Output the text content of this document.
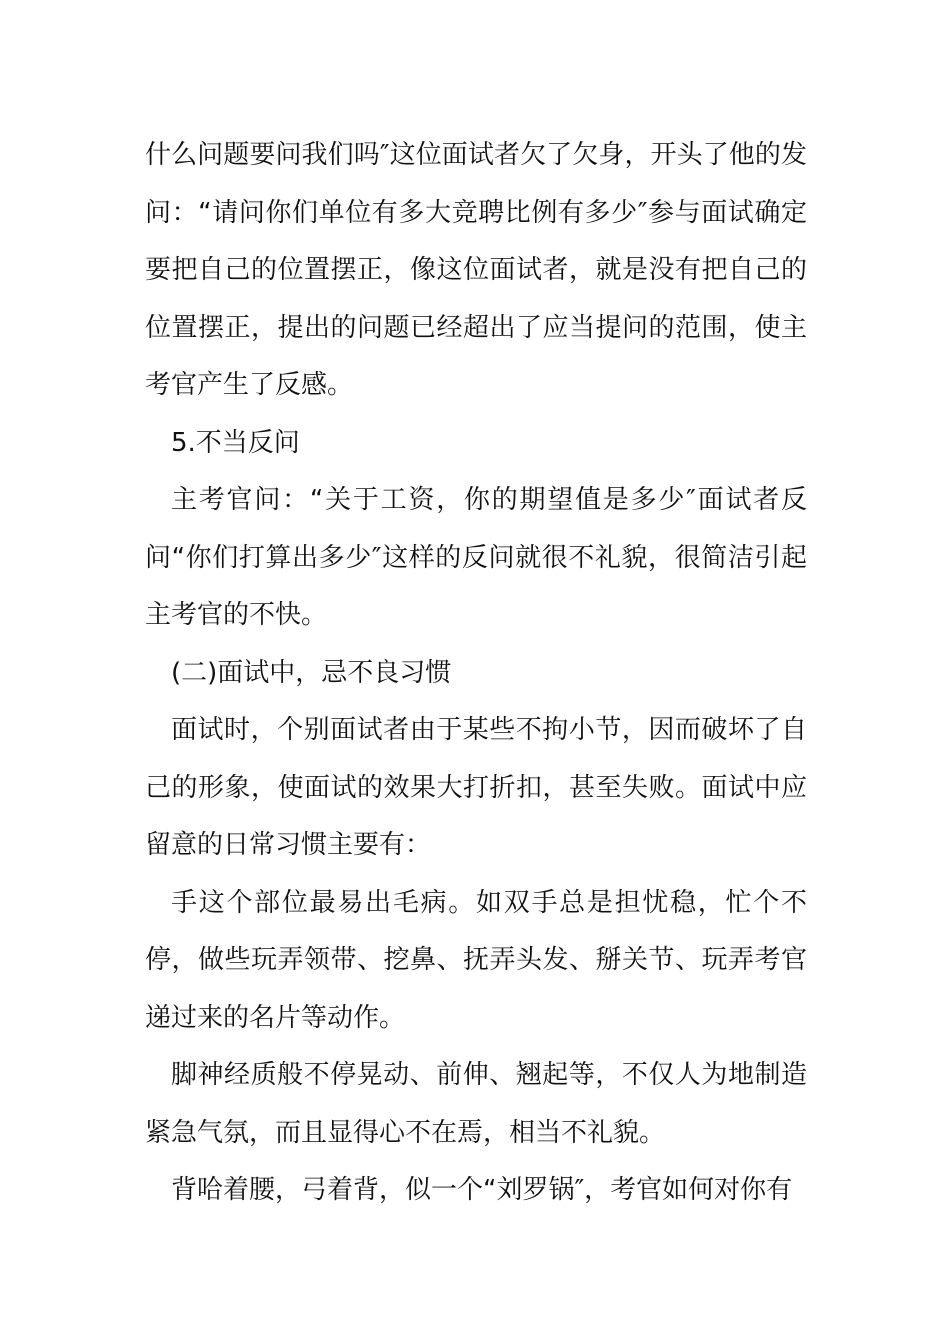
什么问题要问我们吗″这位面试者欠了欠身，开头了他的发问：“请问你们单位有多大竞聘比例有多少″参与面试确定要把自己的位置摆正，像这位面试者，就是没有把自己的位置摆正，提出的问题已经超出了应当提问的范围，使主考官产生了反感。

5.不当反问

主考官问：“关于工资，你的期望值是多少″面试者反问“你们打算出多少″这样的反问就很不礼貌，很简洁引起主考官的不快。

(二)面试中，忌不良习惯

面试时，个别面试者由于某些不拘小节，因而破坏了自己的形象，使面试的效果大打折扣，甚至失败。面试中应留意的日常习惯主要有：

手这个部位最易出毛病。如双手总是担忧稳，忙个不停，做些玩弄领带、挖鼻、抚弄头发、掰关节、玩弄考官递过来的名片等动作。

脚神经质般不停晃动、前伸、翘起等，不仅人为地制造紧急气氛，而且显得心不在焉，相当不礼貌。

背哈着腰，弓着背，似一个“刘罗锅″，考官如何对你有
